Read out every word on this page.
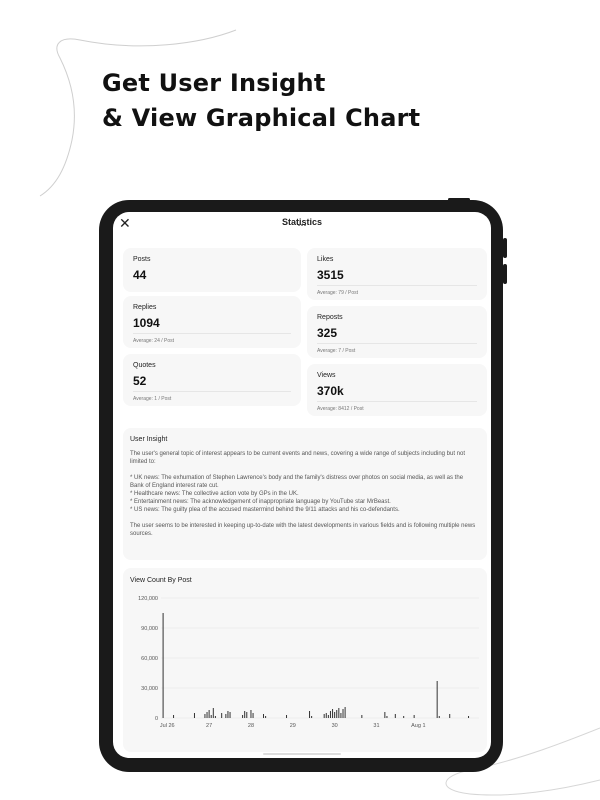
Get User Insight
& View Graphical Chart
✕	Statistics
Posts
44
Replies
1094
Average: 24 / Post
Quotes
52
Average: 1 / Post
Likes
3515
Average: 79 / Post
Reposts
325
Average: 7 / Post
Views
370k
Average: 8412 / Post
User Insight
The user's general topic of interest appears to be current events and news, covering a wide range of subjects including but not limited to:

* UK news: The exhumation of Stephen Lawrence's body and the family's distress over photos on social media, as well as the Bank of England interest rate cut.
* Healthcare news: The collective action vote by GPs in the UK.
* Entertainment news: The acknowledgement of inappropriate language by YouTube star MrBeast.
* US news: The guilty plea of the accused mastermind behind the 9/11 attacks and his co-defendants.

The user seems to be interested in keeping up-to-date with the latest developments in various fields and is following multiple news sources.
View Count By Post
0
30,000
60,000
90,000
120,000
Jul 26	27	28	29	30	31	Aug 1
